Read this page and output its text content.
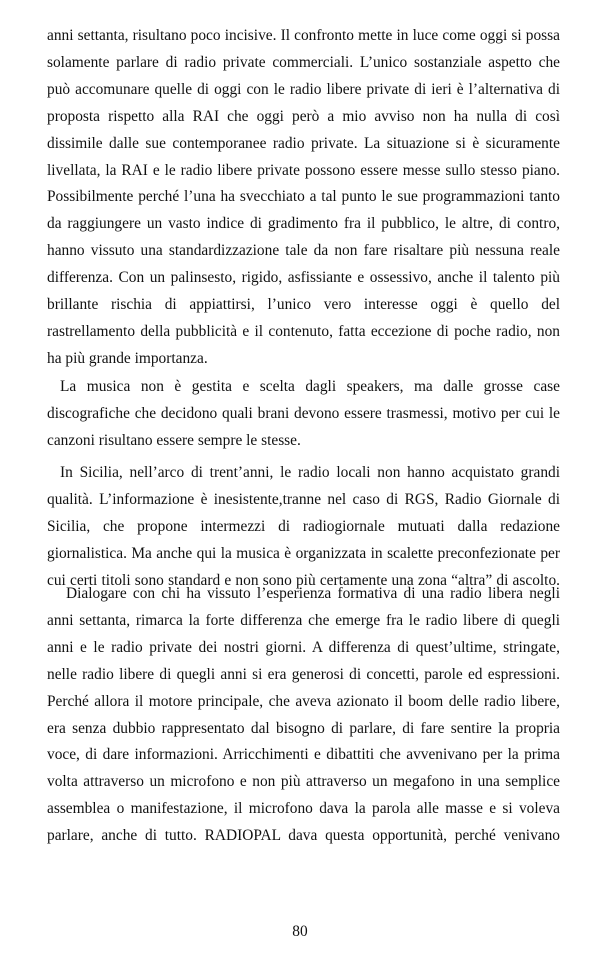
anni settanta, risultano poco incisive. Il confronto mette in luce come oggi si possa
solamente parlare di radio private commerciali. L’unico sostanziale aspetto che
può accomunare quelle di oggi con le radio libere private di ieri è l’alternativa di
proposta rispetto alla RAI che oggi però a mio avviso non ha nulla di così
dissimile dalle sue contemporanee radio private. La situazione si è sicuramente
livellata, la RAI e le radio libere private possono essere messe sullo stesso piano.
Possibilmente perché l’una ha svecchiato a tal punto le sue programmazioni tanto
da raggiungere un vasto indice di gradimento fra il pubblico, le altre, di contro,
hanno vissuto una standardizzazione tale da non fare risaltare più nessuna reale
differenza. Con un palinsesto, rigido, asfissiante e ossessivo, anche il talento più
brillante rischia di appiattirsi, l’unico vero interesse oggi è quello del
rastrellamento della pubblicità e il contenuto, fatta eccezione di poche radio, non
ha più grande importanza.
La musica non è gestita e scelta dagli speakers, ma dalle grosse case
discografiche che decidono quali brani devono essere trasmessi, motivo per cui le
canzoni risultano essere sempre le stesse.
In Sicilia, nell’arco di trent’anni, le radio locali non hanno acquistato grandi
qualità. L’informazione è inesistente,tranne nel caso di RGS, Radio Giornale di
Sicilia, che propone intermezzi di radiogiornale mutuati dalla redazione
giornalistica. Ma anche qui la musica è organizzata in scalette preconfezionate per
cui certi titoli sono standard e non sono più certamente una zona “altra” di ascolto.
Dialogare con chi ha vissuto l’esperienza formativa di una radio libera negli
anni settanta, rimarca la forte differenza che emerge fra le radio libere di quegli
anni e le radio private dei nostri giorni. A differenza di quest’ultime, stringate,
nelle radio libere di quegli anni si era generosi di concetti, parole ed espressioni.
Perché allora il motore principale, che aveva azionato il boom delle radio libere,
era senza dubbio rappresentato dal bisogno di parlare, di fare sentire la propria
voce, di dare informazioni. Arricchimenti e dibattiti che avvenivano per la prima
volta attraverso un microfono e non più attraverso un megafono in una semplice
assemblea o manifestazione, il microfono dava la parola alle masse e si voleva
parlare, anche di tutto. RADIOPAL dava questa opportunità, perché venivano
80
